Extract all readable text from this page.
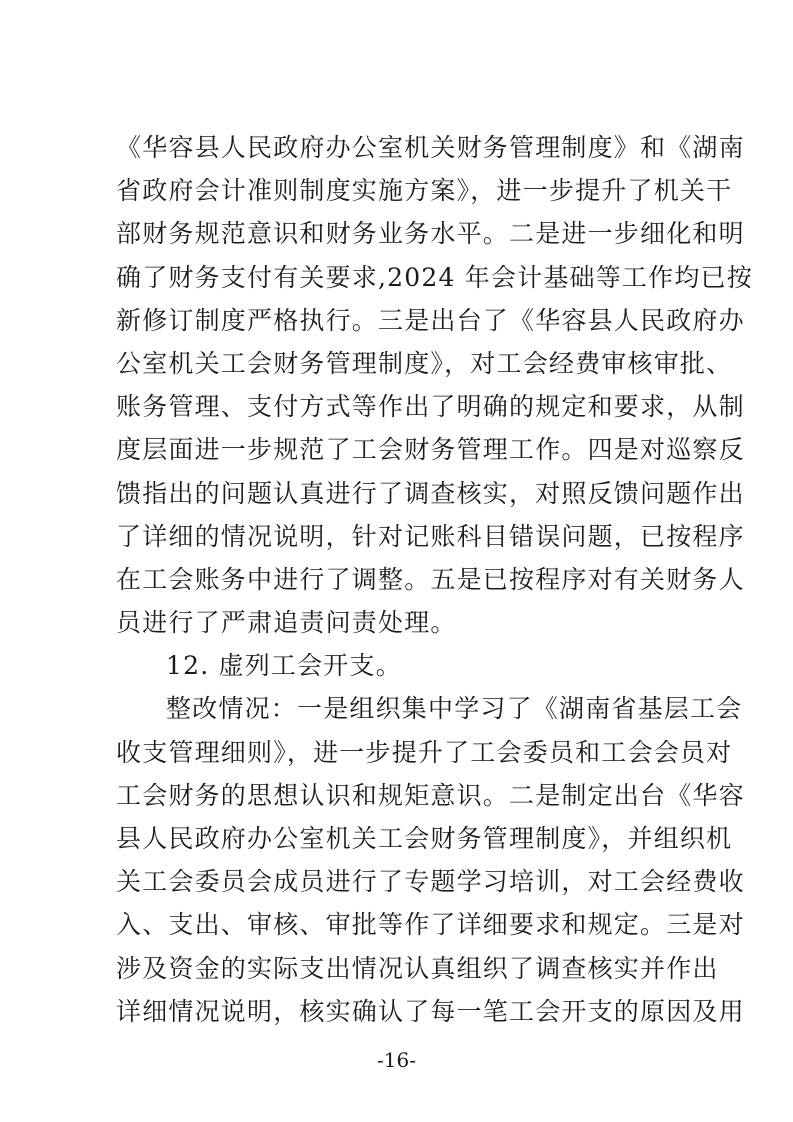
《华容县人民政府办公室机关财务管理制度》和《湖南
省政府会计准则制度实施方案》，进一步提升了机关干
部财务规范意识和财务业务水平。二是进一步细化和明
确了财务支付有关要求,2024 年会计基础等工作均已按
新修订制度严格执行。三是出台了《华容县人民政府办
公室机关工会财务管理制度》，对工会经费审核审批、
账务管理、支付方式等作出了明确的规定和要求，从制
度层面进一步规范了工会财务管理工作。四是对巡察反
馈指出的问题认真进行了调查核实，对照反馈问题作出
了详细的情况说明，针对记账科目错误问题，已按程序
在工会账务中进行了调整。五是已按程序对有关财务人
员进行了严肃追责问责处理。
12. 虚列工会开支。
整改情况：一是组织集中学习了《湖南省基层工会
收支管理细则》，进一步提升了工会委员和工会会员对
工会财务的思想认识和规矩意识。二是制定出台《华容
县人民政府办公室机关工会财务管理制度》，并组织机
关工会委员会成员进行了专题学习培训，对工会经费收
入、支出、审核、审批等作了详细要求和规定。三是对
涉及资金的实际支出情况认真组织了调查核实并作出
详细情况说明，核实确认了每一笔工会开支的原因及用
-16-
